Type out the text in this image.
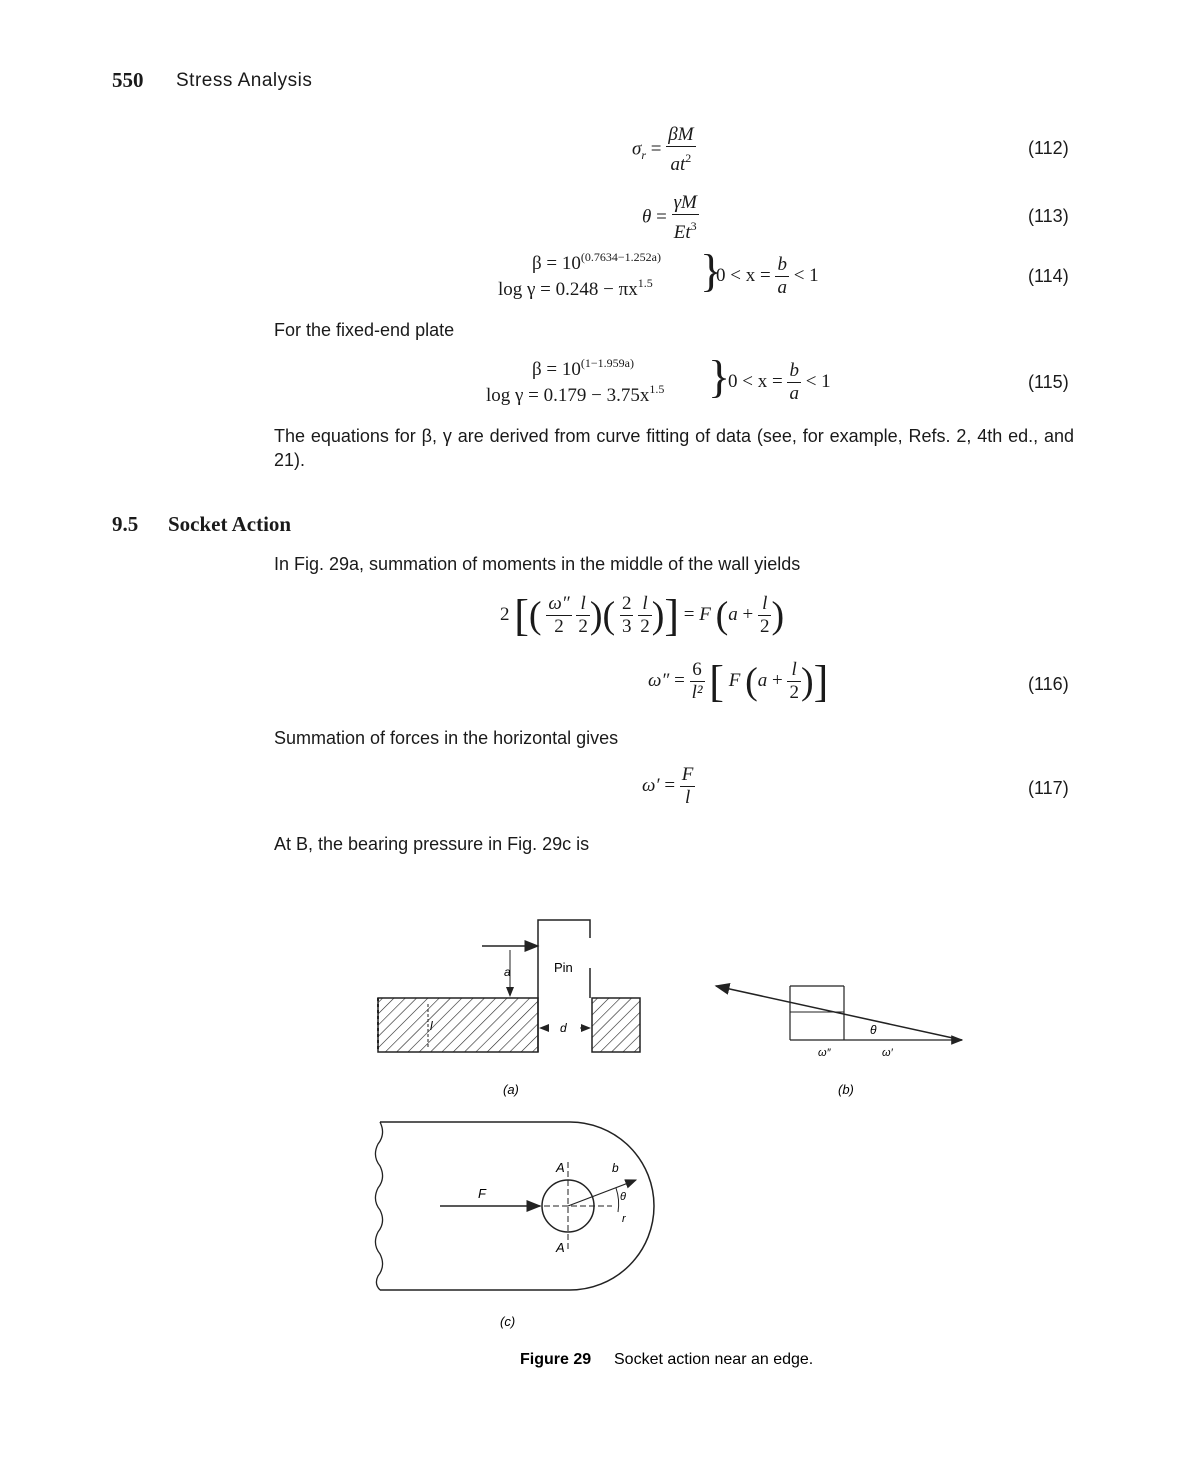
550 Stress Analysis
$\sigma_r = \frac{\beta M}{at^2}$	(112)
$\theta = \frac{\gamma M}{Et^3}$	(113)
$\beta = 10^{(0.7634-1.252a)}$
$\log \gamma = 0.248 - \pi x^{1.5}$ }
$0 < x = \frac{b}{a} < 1$	(114)
For the fixed-end plate
$\beta = 10^{(1-1.959a)}$
$\log \gamma = 0.179 - 3.75x^{1.5}$ }
$0 < x = \frac{b}{a} < 1$	(115)
The equations for β, γ are derived from curve fitting of data (see, for example, Refs. 2, 4th ed., and 21).
9.5 Socket Action
In Fig. 29a, summation of moments in the middle of the wall yields
2 [( $\frac{\omega''}{2}$
$\frac{l}{2}$ )( $\frac{2}{3}$
$\frac{l}{2}$ )] = F ($a + \frac{l}{2}$ )
$\omega'' = \frac{6}{\text{l²}}$ [ F ($a + \frac{l}{2}$ )]	(116)
Summation of forces in the horizontal gives
$\omega' = \frac{F}{l}$	(117)
At B, the bearing pressure in Fig. 29c is
Pin
a
l	d
(a)
θ
ω″	ω′
(b)
F
A
A
b
θ
r
(c)
Figure 29 Socket action near an edge.
